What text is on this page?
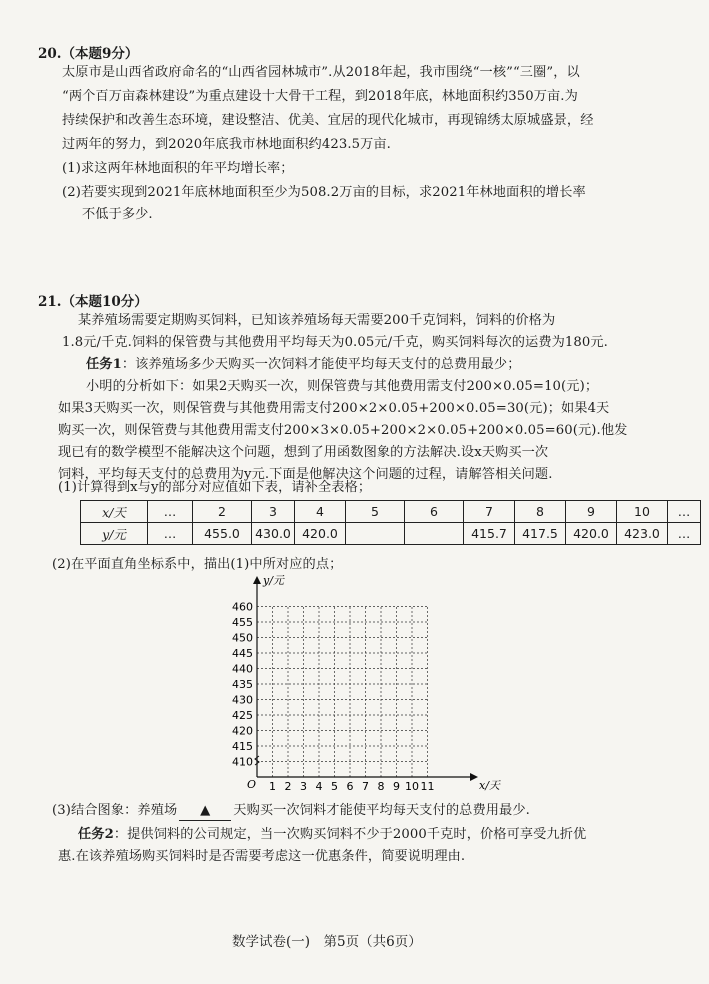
20.（本题9分）
太原市是山西省政府命名的“山西省园林城市”.从2018年起，我市围绕“一核”“三圈”，以
“两个百万亩森林建设”为重点建设十大骨干工程，到2018年底，林地面积约350万亩.为
持续保护和改善生态环境，建设整洁、优美、宜居的现代化城市，再现锦绣太原城盛景，经
过两年的努力，到2020年底我市林地面积约423.5万亩.
(1)求这两年林地面积的年平均增长率；
(2)若要实现到2021年底林地面积至少为508.2万亩的目标，求2021年林地面积的增长率
不低于多少.
21.（本题10分）
某养殖场需要定期购买饲料，已知该养殖场每天需要200千克饲料，饲料的价格为
1.8元/千克.饲料的保管费与其他费用平均每天为0.05元/千克，购买饲料每次的运费为180元.
任务1：该养殖场多少天购买一次饲料才能使平均每天支付的总费用最少；
小明的分析如下：如果2天购买一次，则保管费与其他费用需支付200×0.05=10(元)；
如果3天购买一次，则保管费与其他费用需支付200×2×0.05+200×0.05=30(元)；如果4天
购买一次，则保管费与其他费用需支付200×3×0.05+200×2×0.05+200×0.05=60(元).他发
现已有的数学模型不能解决这个问题，想到了用函数图象的方法解决.设x天购买一次
饲料，平均每天支付的总费用为y元.下面是他解决这个问题的过程，请解答相关问题.
(1)计算得到x与y的部分对应值如下表，请补全表格；
x/天	…	2	3	4	5	6	7	8	9	10	…
y/元	…	455.0	430.0	420.0			415.7	417.5	420.0	423.0	…
(2)在平面直角坐标系中，描出(1)中所对应的点；
y/元
x/天
O
410
415
420
425
430
435
440
445
450
455
460
1 2 3 4 5 6 7 8 9 10 11
(3)结合图象：养殖场 ▲ 天购买一次饲料才能使平均每天支付的总费用最少.
任务2：提供饲料的公司规定，当一次购买饲料不少于2000千克时，价格可享受九折优
惠.在该养殖场购买饲料时是否需要考虑这一优惠条件，简要说明理由.
数学试卷(一)　第5页（共6页）
